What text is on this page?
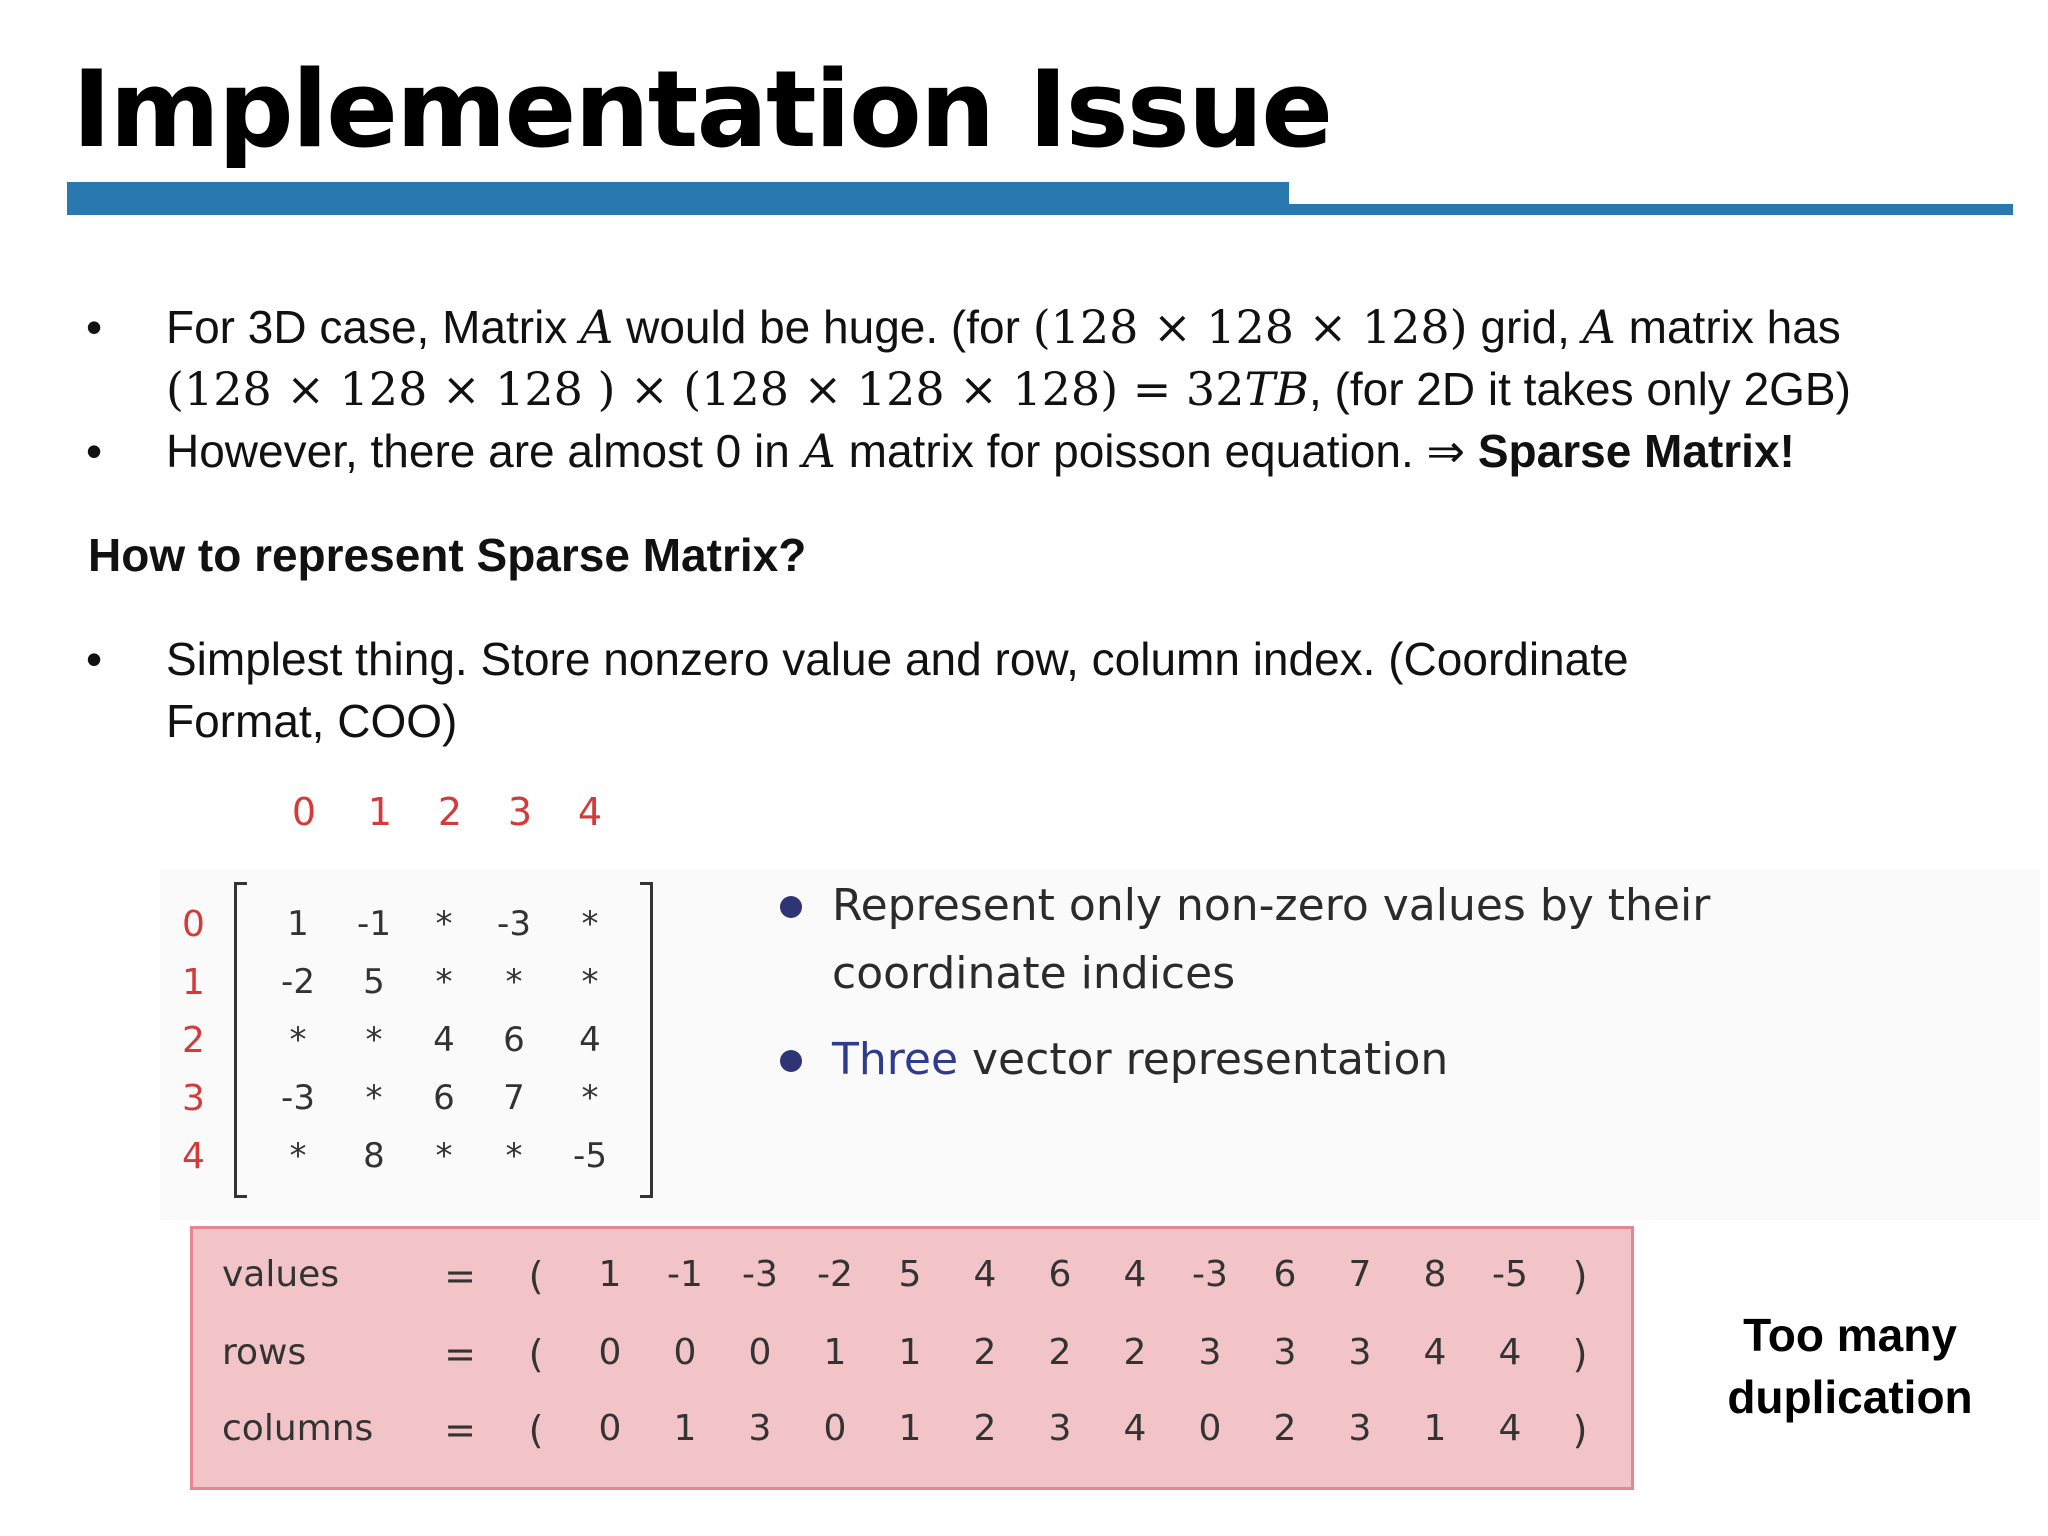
Implementation Issue
• For 3D case, Matrix A would be huge. (for (128 × 128 × 128) grid, A matrix has
(128 × 128 × 128 ) × (128 × 128 × 128) = 32TB, (for 2D it takes only 2GB)
• However, there are almost 0 in A matrix for poisson equation. ⇒ Sparse Matrix!
How to represent Sparse Matrix?
• Simplest thing. Store nonzero value and row, column index. (Coordinate
Format, COO)
0 1 2 3 4
0
1
2
3
4
1 -1 * -3 *
-2 5 * * *
* * 4 6 4
-3 * 6 7 *
* 8 * * -5
Represent only non-zero values by their
coordinate indices
Three vector representation
values	= ( 1 -1 -3 -2 5 4 6 4 -3 6 7 8 -5 )
rows	= ( 0 0 0 1 1 2 2 2 3 3 3 4 4 )
columns = ( 0 1 3 0 1 2 3 4 0 2 3 1 4 )
Too many
duplication
